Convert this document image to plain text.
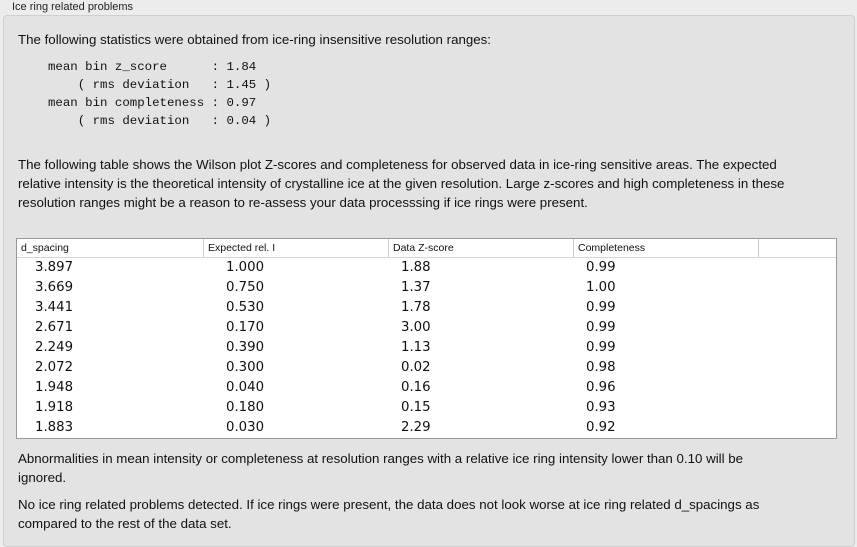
Ice ring related problems

The following statistics were obtained from ice-ring insensitive resolution ranges:

mean bin z_score      : 1.84
( rms deviation   : 1.45 )
mean bin completeness : 0.97
( rms deviation   : 0.04 )

The following table shows the Wilson plot Z-scores and completeness for observed data in ice-ring sensitive areas. The expected relative intensity is the theoretical intensity of crystalline ice at the given resolution. Large z-scores and high completeness in these resolution ranges might be a reason to re-assess your data processsing if ice rings were present.

d_spacing	Expected rel. I	Data Z-score	Completeness
3.897	1.000	1.88	0.99
3.669	0.750	1.37	1.00
3.441	0.530	1.78	0.99
2.671	0.170	3.00	0.99
2.249	0.390	1.13	0.99
2.072	0.300	0.02	0.98
1.948	0.040	0.16	0.96
1.918	0.180	0.15	0.93
1.883	0.030	2.29	0.92

Abnormalities in mean intensity or completeness at resolution ranges with a relative ice ring intensity lower than 0.10 will be ignored.

No ice ring related problems detected. If ice rings were present, the data does not look worse at ice ring related d_spacings as compared to the rest of the data set.
